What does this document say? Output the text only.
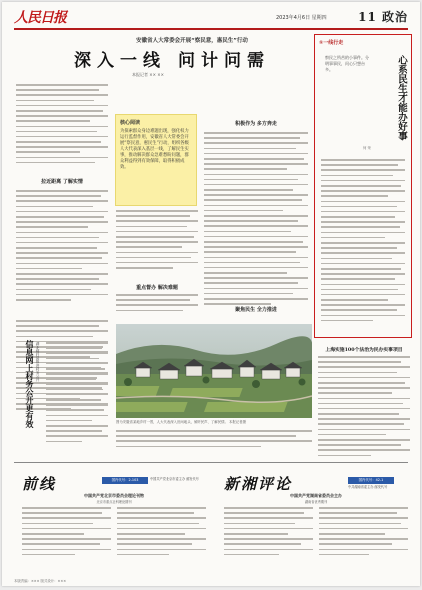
人民日报	2023年4月6日 星期四	11 政治
安徽省人大常委会开展“察民意，惠民生”行动
深入一线 问计问需
本报记者 ×× ××
拉近距离 了解实情
核心阅读
为探索群众身边难题出现，强化权力运行监督作用，安徽省人大常委会开展“察民意，惠民生”行动，组织各级人大代表深入基层一线，了解民生实事，推动解决群众急难愁盼问题，群众利益得到有效保障，取得积极成效。
重点督办 解决难题
积极作为 多方奔走
聚焦民生 全力推进
图为安徽省某地乡村一景，人大代表深入田间地头，倾听民声、了解民情。 本报记者摄
信息网上村务公开更有效 湖北秭归县推进村务公开
①一线行走
察民之所苦的小事件。分明事事民，问心只想台多。	心系民生才能办好事
何 荣
上海实施100个法治为民办实事项目
前线	国内代号：2-103	中国共产党北京市委主办 邮发代号
中国共产党北京市委员会理论刊物
北京市重点社科理论期刊
新湘评论	国内代号：42-1
中共湖南省委主办 邮发代号
中国共产党湖南省委员会主办
湖南省优秀期刊
本版责编：××× 版式设计：×××
